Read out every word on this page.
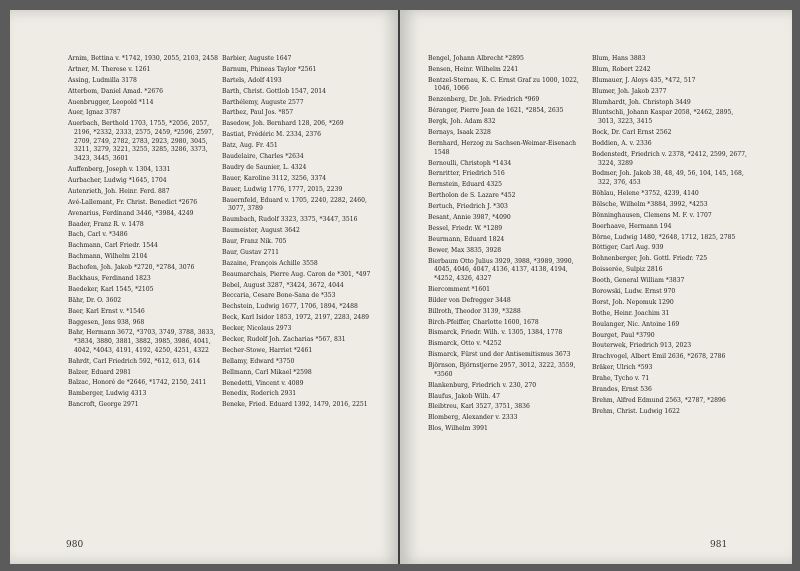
Arnim, Bettina v. *1742, 1930, 2055, 2103, 2458
Artner, M. Therese v. 1261
Assing, Ludmilla 3178
Atterbom, Daniel Amad. *2676
Auenbrugger, Leopold *114
Auer, Ignaz 3787
Auerbach, Berthold 1703, 1755, *2056, 2057, 2196, *2332, 2333, 2575, 2459, *2596, 2597, 2709, 2749, 2782, 2783, 2923, 2980, 3045, 3211, 3279, 3221, 3255, 3285, 3286, 3373, 3423, 3445, 3601
Auffenberg, Joseph v. 1304, 1331
Aurbacher, Ludwig *1645, 1704
Autenrieth, Joh. Heinr. Ferd. 887
Avé-Lallemant, Fr. Christ. Benedict *2676
Avenarius, Ferdinand 3446, *3984, 4249
Baader, Franz R. v. 1478
Bach, Carl v. *3486
Bachmann, Carl Friedr. 1544
Bachmann, Wilhelm 2104
Bachofen, Joh. Jakob *2720, *2784, 3076
Backhaus, Ferdinand 1823
Baedeker, Karl 1545, *2105
Bähr, Dr. O. 3602
Baer, Karl Ernst v. *1546
Baggesen, Jens 938, 968
Bahr, Hermann 3672, *3703, 3749, 3788, 3833, *3834, 3880, 3881, 3882, 3985, 3986, 4041, 4042, *4043, 4191, 4192, 4250, 4251, 4322
Bahrdt, Carl Friedrich 592, *612, 613, 614
Balzer, Eduard 2981
Balzac, Honoré de *2646, *1742, 2150, 2411
Bamberger, Ludwig 4313
Bancroft, George 2971
Barbier, Auguste 1647
Barnum, Phineas Taylor *2561
Bartels, Adolf 4193
Barth, Christ. Gottlob 1547, 2014
Barthélemy, Auguste 2577
Barthez, Paul Jos. *857
Basedow, Joh. Bernhard 128, 206, *269
Bastiat, Frédéric M. 2334, 2376
Batz, Aug. Fr. 451
Baudelaire, Charles *2634
Baudry de Saunier, L. 4324
Bauer, Karoline 3112, 3256, 3374
Bauer, Ludwig 1776, 1777, 2015, 2239
Bauernfeld, Eduard v. 1705, 2240, 2282, 2460, 3077, 3789
Baumbach, Rudolf 3323, 3375, *3447, 3516
Baumeister, August 3642
Baur, Franz Nik. 705
Baur, Gustav 2711
Bazaine, François Achille 3558
Beaumarchais, Pierre Aug. Caron de *301, *497
Bebel, August 3287, *3424, 3672, 4044
Beccaria, Cesare Bone-Sana de *353
Bechstein, Ludwig 1677, 1706, 1894, *2488
Beck, Karl Isidor 1853, 1972, 2197, 2283, 2489
Becker, Nicolaus 2973
Becker, Rudolf Joh. Zacharias *567, 831
Becher-Stowe, Harriet *2461
Bellamy, Edward *3750
Bellmann, Carl Mikael *2598
Benedetti, Vincent v. 4089
Benedix, Roderich 2931
Beneke, Fried. Eduard 1392, 1479, 2016, 2251
980
Bengel, Johann Albrecht *2895
Bensen, Heinr. Wilhelm 2241
Bentzel-Sternau, K. C. Ernst Graf zu 1000, 1022, 1046, 1066
Benzenberg, Dr. Joh. Friedrich *969
Béranger, Pierre Jean de 1621, *2854, 2635
Bergk, Joh. Adam 832
Bernays, Isaak 2328
Bernhard, Herzog zu Sachsen-Weimar-Eisenach 1548
Bernoulli, Christoph *1434
Bernritter, Friedrich 516
Bernstein, Eduard 4325
Bertholon de S. Lazare *452
Bertuch, Friedrich J. *303
Besant, Annie 3987, *4090
Bessel, Friedr. W. *1289
Beurmann, Eduard 1824
Bewer, Max 3835, 3928
Bierbaum Otto Julius 3929, 3988, *3989, 3990, 4045, 4046, 4047, 4136, 4137, 4138, 4194, *4252, 4326, 4327
Biercomment *1601
Bilder von Defregger 3448
Billroth, Theodor 3139, *3288
Birch-Pfeiffer, Charlotte 1600, 1678
Bismarck, Friedr. Wilh. v. 1305, 1384, 1778
Bismarck, Otto v. *4252
Bismarck, Fürst und der Antisemitismus 3673
Björnson, Björnstjerne 2957, 3012, 3222, 3559, *3560
Blankenburg, Friedrich v. 230, 270
Blaufus, Jakob Wilh. 47
Bleibtreu, Karl 3527, 3751, 3836
Blomberg, Alexander v. 2333
Blos, Wilhelm 3991
Blum, Hans 3883
Blum, Robert 2242
Blumauer, J. Aloys 435, *472, 517
Blumer, Joh. Jakob 2377
Blumhardt, Joh. Christoph 3449
Bluntschli, Johann Kaspar 2058, *2462, 2895, 3013, 3223, 3415
Bock, Dr. Carl Ernst 2562
Boddien, A. v. 2336
Bodenstedt, Friedrich v. 2378, *2412, 2599, 2677, 3224, 3289
Bodmer, Joh. Jakob 38, 48, 49, 56, 104, 145, 168, 322, 376, 453
Böhlau, Helene *3752, 4239, 4140
Bölsche, Wilhelm *3884, 3992, *4253
Bönninghausen, Clemens M. F. v. 1707
Boerhaave, Hermann 194
Börne, Ludwig 1480, *2648, 1712, 1825, 2785
Böttiger, Carl Aug. 939
Bohnenberger, Joh. Gottl. Friedr. 725
Boisserée, Sulpiz 2816
Booth, General William *3837
Borowski, Ludw. Ernst 970
Borst, Joh. Nepomuk 1290
Bothe, Heinr. Joachim 31
Boulanger, Nic. Antoine 169
Bourget, Paul *3790
Bouterwek, Friedrich 913, 2023
Brachvogel, Albert Emil 2636, *2678, 2786
Bräker, Ulrich *593
Brahe, Tycho v. 71
Brandes, Ernst 536
Brehm, Alfred Edmund 2563, *2787, *2896
Brehm, Christ. Ludwig 1622
981
